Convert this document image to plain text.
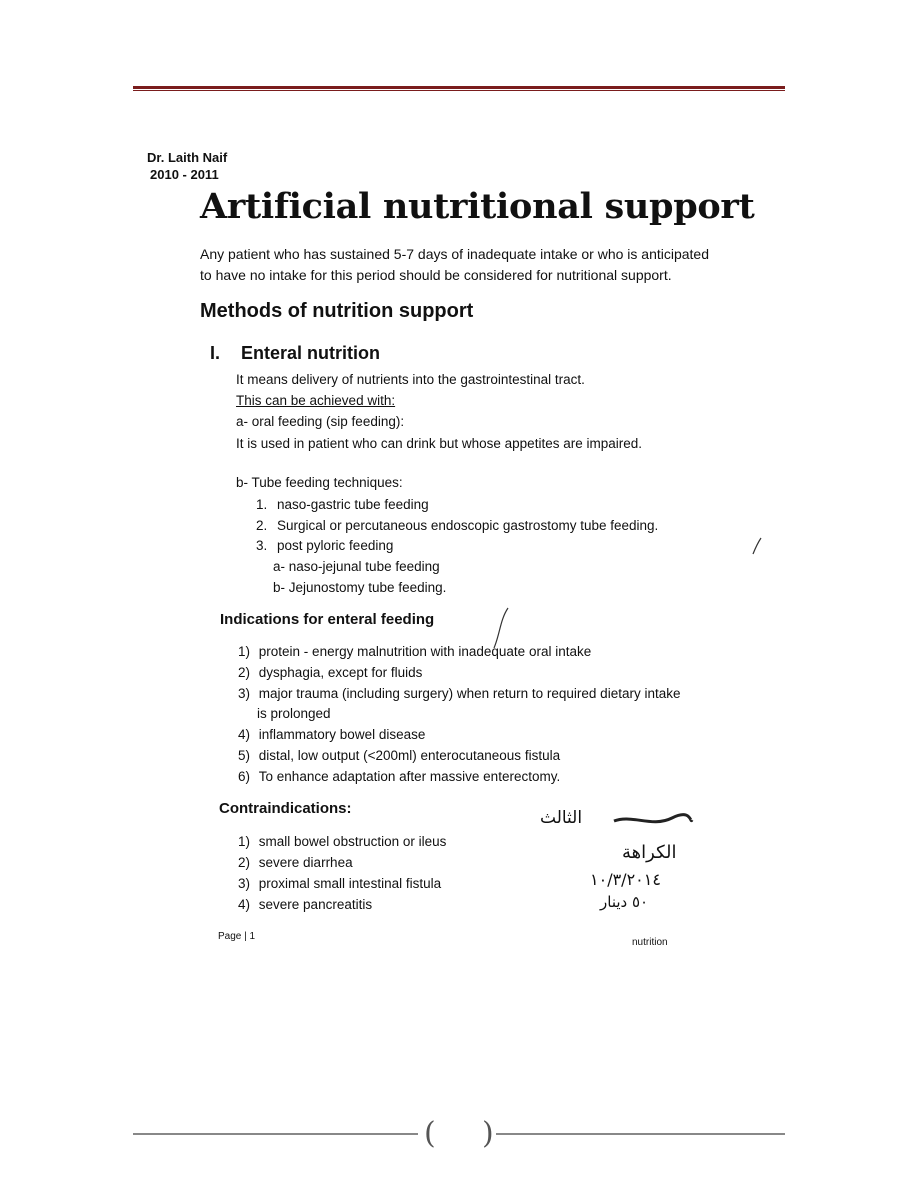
Dr. Laith Naif
2010 - 2011
Artificial nutritional support
Any patient who has sustained 5-7 days of inadequate intake or who is anticipated to have no intake for this period should be considered for nutritional support.
Methods of nutrition support
I. Enteral nutrition
It means delivery of nutrients into the gastrointestinal tract.
This can be achieved with:
a- oral feeding (sip feeding):
It is used in patient who can drink but whose appetites are impaired.
b- Tube feeding techniques:
1. naso-gastric tube feeding
2. Surgical or percutaneous endoscopic gastrostomy tube feeding.
3. post pyloric feeding
a- naso-jejunal tube feeding
b- Jejunostomy tube feeding.
Indications for enteral feeding
1) protein - energy malnutrition with inadequate oral intake
2) dysphagia, except for fluids
3) major trauma (including surgery) when return to required dietary intake
is prolonged
4) inflammatory bowel disease
5) distal, low output (<200ml) enterocutaneous fistula
6) To enhance adaptation after massive enterectomy.
Contraindications:
1) small bowel obstruction or ileus
2) severe diarrhea
3) proximal small intestinal fistula
4) severe pancreatitis
الثالث
الكراهة
١٠/٣/٢٠١٤
٥٠ دينار
Page | 1
nutrition
( )
